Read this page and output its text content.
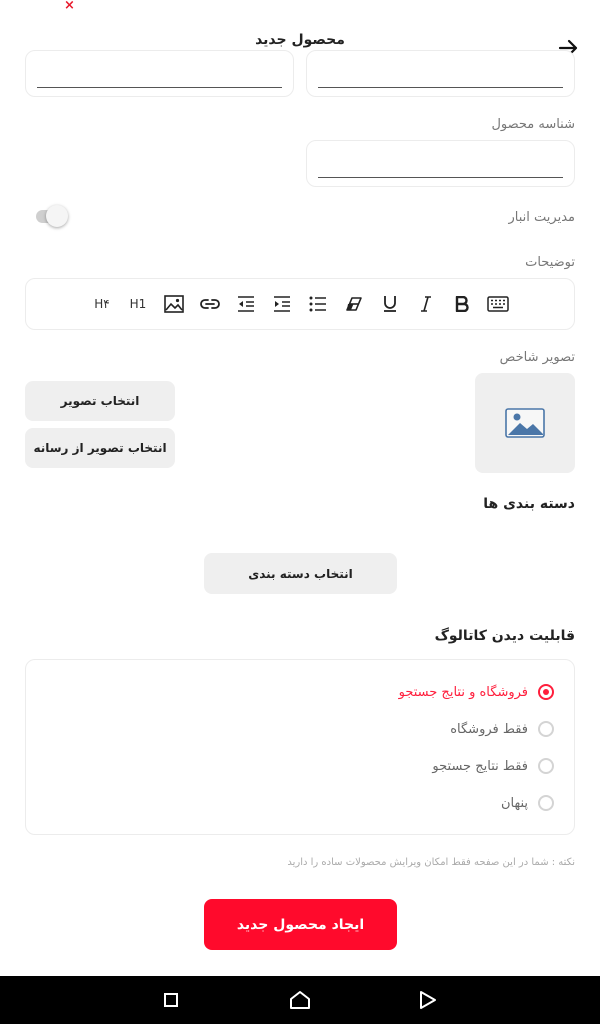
×
محصول جدید
شناسه محصول
مدیریت انبار
توضیحات
H۴ H1
تصویر شاخص
انتخاب تصویر
انتخاب تصویر از رسانه
دسته بندی ها
انتخاب دسته بندی
قابلیت دیدن کاتالوگ
فروشگاه و نتایج جستجو
فقط فروشگاه
فقط نتایج جستجو
پنهان
نکته : شما در این صفحه فقط امکان ویرایش محصولات ساده را دارید
ایجاد محصول جدید
